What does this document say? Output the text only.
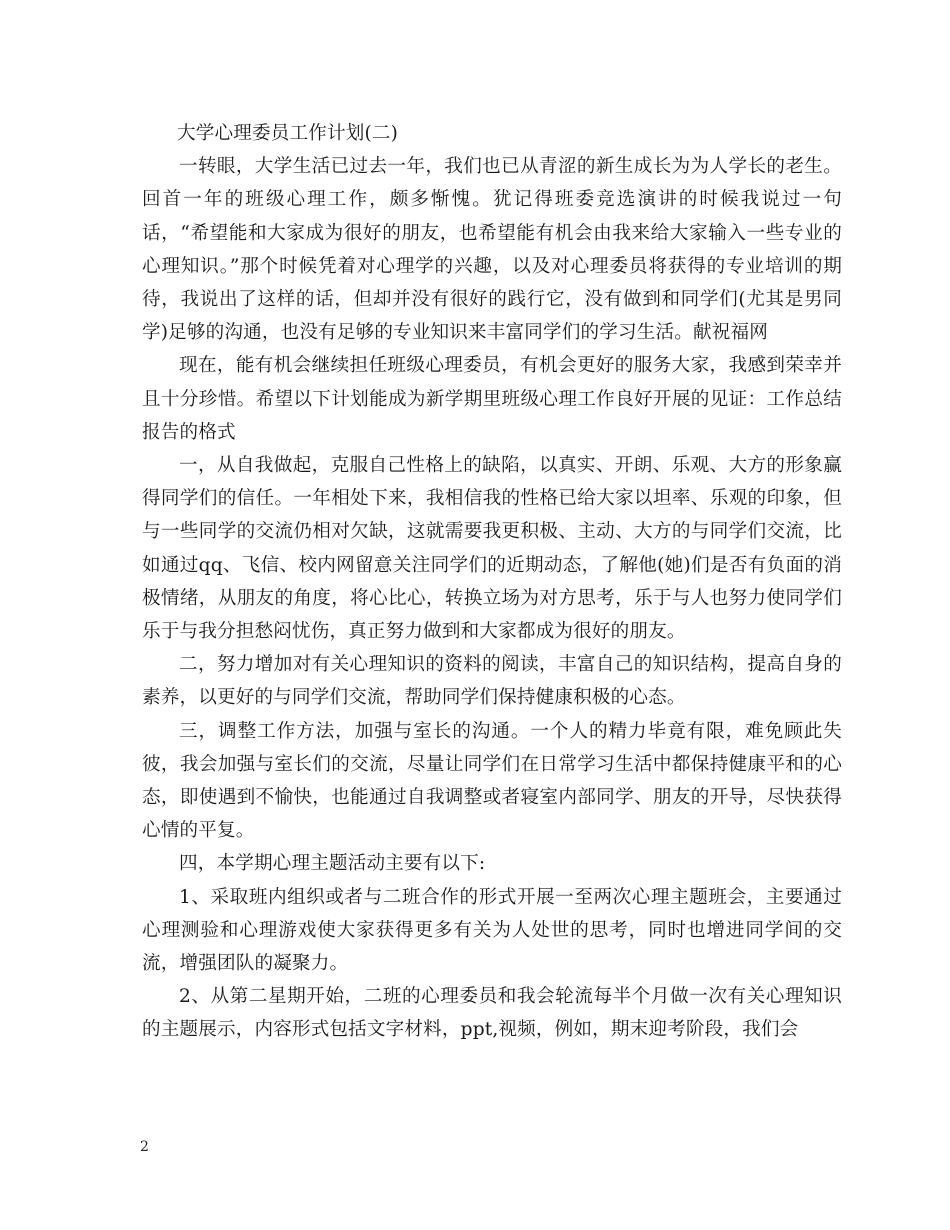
大学心理委员工作计划(二)

一转眼，大学生活已过去一年，我们也已从青涩的新生成长为为人学长的老生。回首一年的班级心理工作，颇多惭愧。犹记得班委竞选演讲的时候我说过一句话，“希望能和大家成为很好的朋友，也希望能有机会由我来给大家输入一些专业的心理知识。”那个时候凭着对心理学的兴趣，以及对心理委员将获得的专业培训的期待，我说出了这样的话，但却并没有很好的践行它，没有做到和同学们(尤其是男同学)足够的沟通，也没有足够的专业知识来丰富同学们的学习生活。献祝福网

现在，能有机会继续担任班级心理委员，有机会更好的服务大家，我感到荣幸并且十分珍惜。希望以下计划能成为新学期里班级心理工作良好开展的见证：工作总结报告的格式

一，从自我做起，克服自己性格上的缺陷，以真实、开朗、乐观、大方的形象赢得同学们的信任。一年相处下来，我相信我的性格已给大家以坦率、乐观的印象，但与一些同学的交流仍相对欠缺，这就需要我更积极、主动、大方的与同学们交流，比如通过qq、飞信、校内网留意关注同学们的近期动态，了解他(她)们是否有负面的消极情绪，从朋友的角度，将心比心，转换立场为对方思考，乐于与人也努力使同学们乐于与我分担愁闷忧伤，真正努力做到和大家都成为很好的朋友。

二，努力增加对有关心理知识的资料的阅读，丰富自己的知识结构，提高自身的素养，以更好的与同学们交流，帮助同学们保持健康积极的心态。

三，调整工作方法，加强与室长的沟通。一个人的精力毕竟有限，难免顾此失彼，我会加强与室长们的交流，尽量让同学们在日常学习生活中都保持健康平和的心态，即使遇到不愉快，也能通过自我调整或者寝室内部同学、朋友的开导，尽快获得心情的平复。

四，本学期心理主题活动主要有以下:

1、采取班内组织或者与二班合作的形式开展一至两次心理主题班会，主要通过心理测验和心理游戏使大家获得更多有关为人处世的思考，同时也增进同学间的交流，增强团队的凝聚力。

2、从第二星期开始，二班的心理委员和我会轮流每半个月做一次有关心理知识的主题展示，内容形式包括文字材料，ppt,视频，例如，期末迎考阶段，我们会

2
